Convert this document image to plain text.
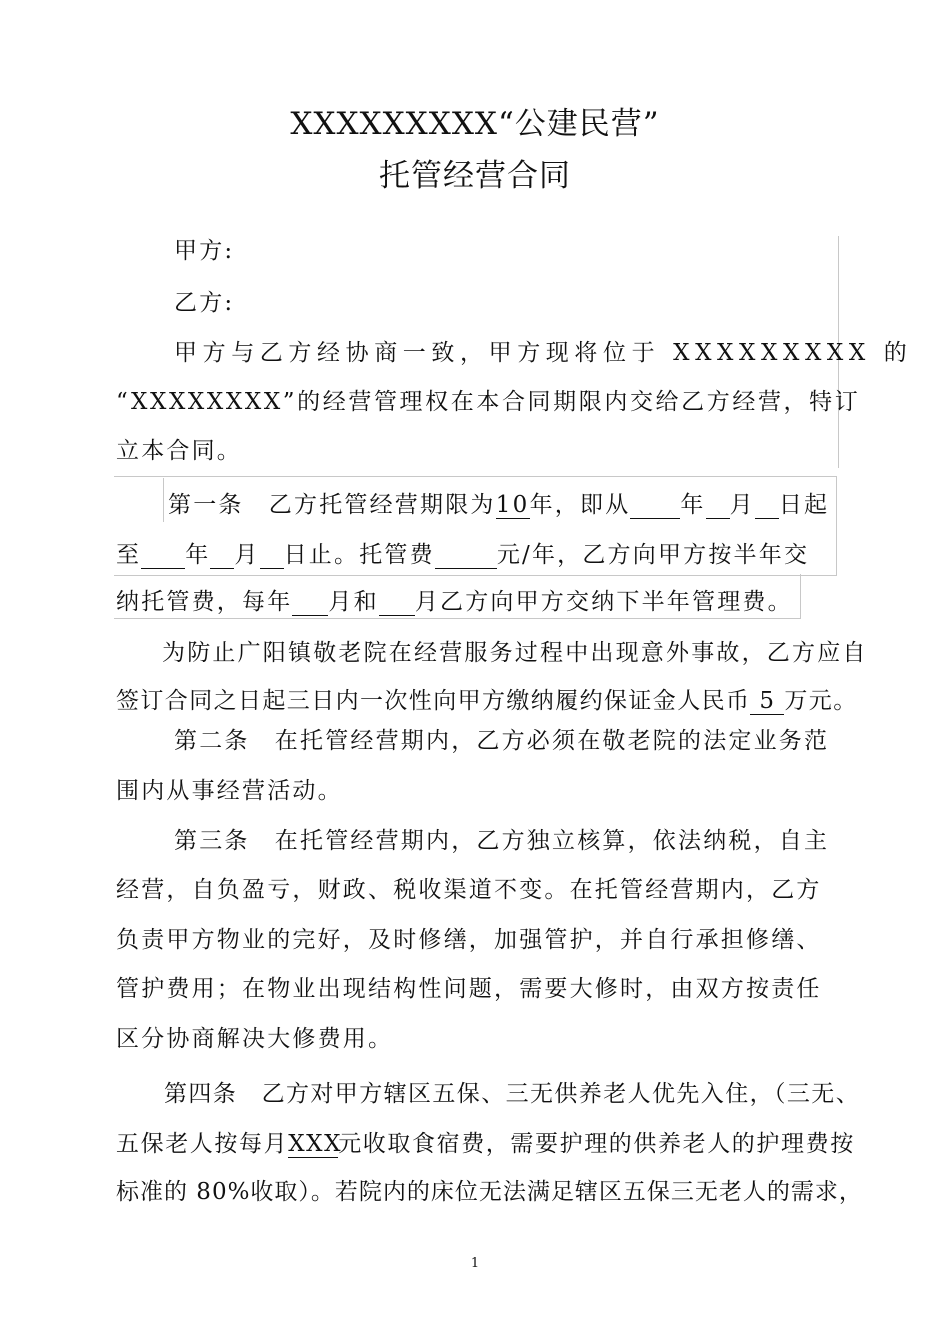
XXXXXXXXX“公建民营”
托管经营合同
甲方:
乙方:
甲方与乙方经协商一致，甲方现将位于 XXXXXXXXX 的
“XXXXXXXX”的经营管理权在本合同期限内交给乙方经营，特订
立本合同。
第一条　乙方托管经营期限为10年，即从 年 月 日起
至 年 月 日止。托管费	元/年，乙方向甲方按半年交
纳托管费，每年 月和 月乙方向甲方交纳下半年管理费。
为防止广阳镇敬老院在经营服务过程中出现意外事故，乙方应自
签订合同之日起三日内一次性向甲方缴纳履约保证金人民币 5 万元。
第二条　在托管经营期内，乙方必须在敬老院的法定业务范
围内从事经营活动。
第三条　在托管经营期内，乙方独立核算，依法纳税，自主
经营，自负盈亏，财政、税收渠道不变。在托管经营期内，乙方
负责甲方物业的完好，及时修缮，加强管护，并自行承担修缮、
管护费用；在物业出现结构性问题，需要大修时，由双方按责任
区分协商解决大修费用。
第四条　乙方对甲方辖区五保、三无供养老人优先入住，（三无、
五保老人按每月XXX元收取食宿费，需要护理的供养老人的护理费按
标准的 80%收取）。若院内的床位无法满足辖区五保三无老人的需求，
1
